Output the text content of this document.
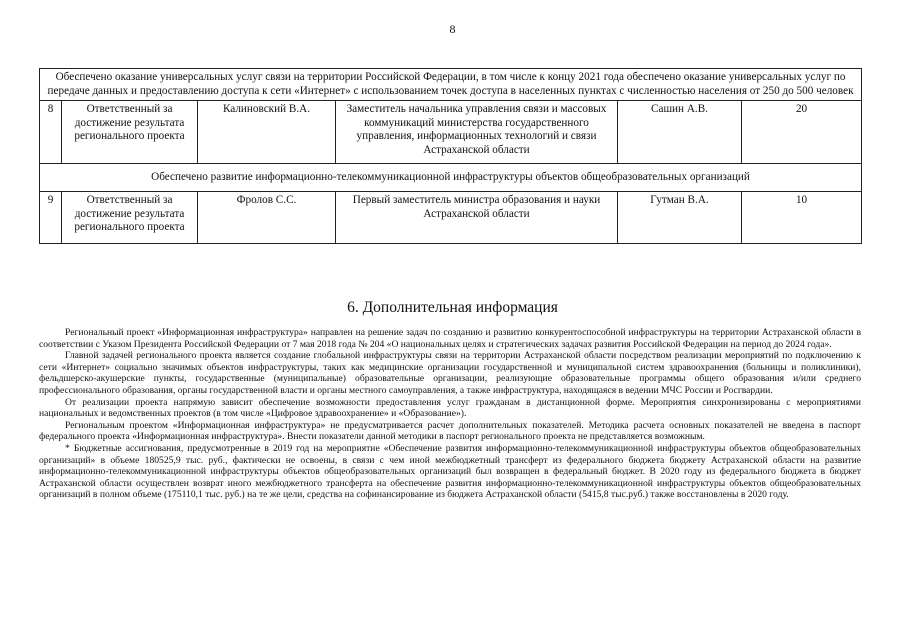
8
Обеспечено оказание универсальных услуг связи на территории Российской Федерации, в том числе к концу 2021 года обеспечено оказание универсальных услуг по передаче данных и предоставлению доступа к сети «Интернет» с использованием точек доступа в населенных пунктах с численностью населения от 250 до 500 человек					
8	Ответственный за достижение результата регионального проекта	Калиновский В.А.	Заместитель начальника управления связи и массовых коммуникаций министерства государственного управления, информационных технологий и связи Астраханской области	Сашин А.В.	20
Обеспечено развитие информационно-телекоммуникационной инфраструктуры объектов общеобразовательных организаций					
9	Ответственный за достижение результата регионального проекта	Фролов С.С.	Первый заместитель министра образования и науки Астраханской области	Гутман В.А.	10
6. Дополнительная информация

Региональный проект «Информационная инфраструктура» направлен на решение задач по созданию и развитию конкурентоспособной инфраструктуры на территории Астраханской области в соответствии с Указом Президента Российской Федерации от 7 мая 2018 года № 204 «О национальных целях и стратегических задачах развития Российской Федерации на период до 2024 года».

Главной задачей регионального проекта является создание глобальной инфраструктуры связи на территории Астраханской области посредством реализации мероприятий по подключению к сети «Интернет» социально значимых объектов инфраструктуры, таких как медицинские организации государственной и муниципальной систем здравоохранения (больницы и поликлиники), фельдшерско-акушерские пункты, государственные (муниципальные) образовательные организации, реализующие образовательные программы общего образования и/или среднего профессионального образования, органы государственной власти и органы местного самоуправления, а также инфраструктура, находящаяся в ведении МЧС России и Росгвардии.

От реализации проекта напрямую зависит обеспечение возможности предоставления услуг гражданам в дистанционной форме. Мероприятия синхронизированы с мероприятиями национальных и ведомственных проектов (в том числе «Цифровое здравоохранение» и «Образование»).

Региональным проектом «Информационная инфраструктура» не предусматривается расчет дополнительных показателей. Методика расчета основных показателей не введена в паспорт федерального проекта «Информационная инфраструктура». Внести показатели данной методики в паспорт регионального проекта не представляется возможным.

* Бюджетные ассигнования, предусмотренные в 2019 год на мероприятие «Обеспечение развития информационно-телекоммуникационной инфраструктуры объектов общеобразовательных организаций» в объеме 180525,9 тыс. руб., фактически не освоены, в связи с чем иной межбюджетный трансферт из федерального бюджета бюджету Астраханской области на развитие информационно-телекоммуникационной инфраструктуры объектов общеобразовательных организаций был возвращен в федеральный бюджет. В 2020 году из федерального бюджета в бюджет Астраханской области осуществлен возврат иного межбюджетного трансферта на обеспечение развития информационно-телекоммуникационной инфраструктуры объектов общеобразовательных организаций в полном объеме (175110,1 тыс. руб.) на те же цели, средства на софинансирование из бюджета Астраханской области (5415,8 тыс.руб.) также восстановлены в 2020 году.
